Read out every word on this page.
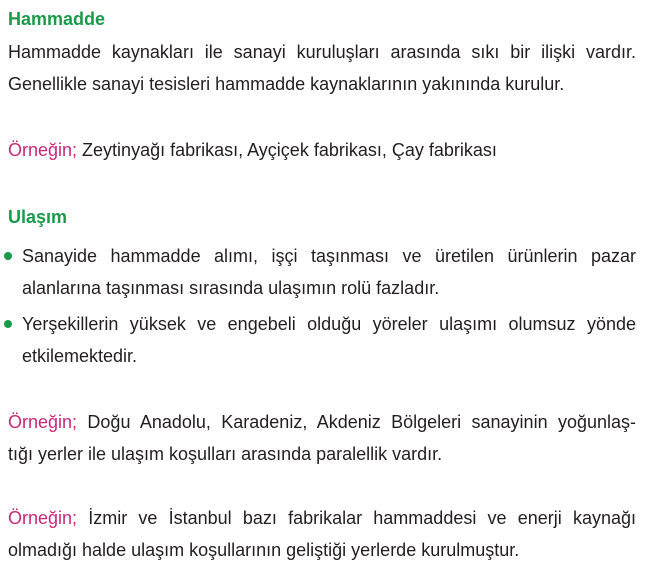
Hammadde

Hammadde kaynakları ile sanayi kuruluşları arasında sıkı bir ilişki vardır.
Genellikle sanayi tesisleri hammadde kaynaklarının yakınında kurulur.

Örneğin; Zeytinyağı fabrikası, Ayçiçek fabrikası, Çay fabrikası

Ulaşım
Sanayide hammadde alımı, işçi taşınması ve üretilen ürünlerin pazar
alanlarına taşınması sırasında ulaşımın rolü fazladır.
Yerşekillerin yüksek ve engebeli olduğu yöreler ulaşımı olumsuz yönde
etkilemektedir.

Örneğin; Doğu Anadolu, Karadeniz, Akdeniz Bölgeleri sanayinin yoğunlaş-
tığı yerler ile ulaşım koşulları arasında paralellik vardır.

Örneğin; İzmir ve İstanbul bazı fabrikalar hammaddesi ve enerji kaynağı
olmadığı halde ulaşım koşullarının geliştiği yerlerde kurulmuştur.
